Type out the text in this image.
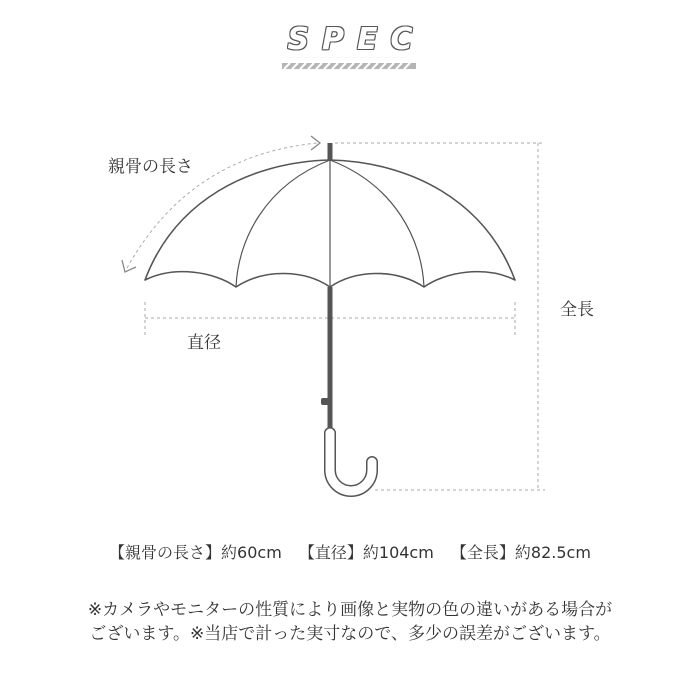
SPEC
親骨の長さ
直径
全長
【親骨の長さ】約60cm 【直径】約104cm 【全長】約82.5cm
※カメラやモニターの性質により画像と実物の色の違いがある場合が
ございます。※当店で計った実寸なので、多少の誤差がございます。
